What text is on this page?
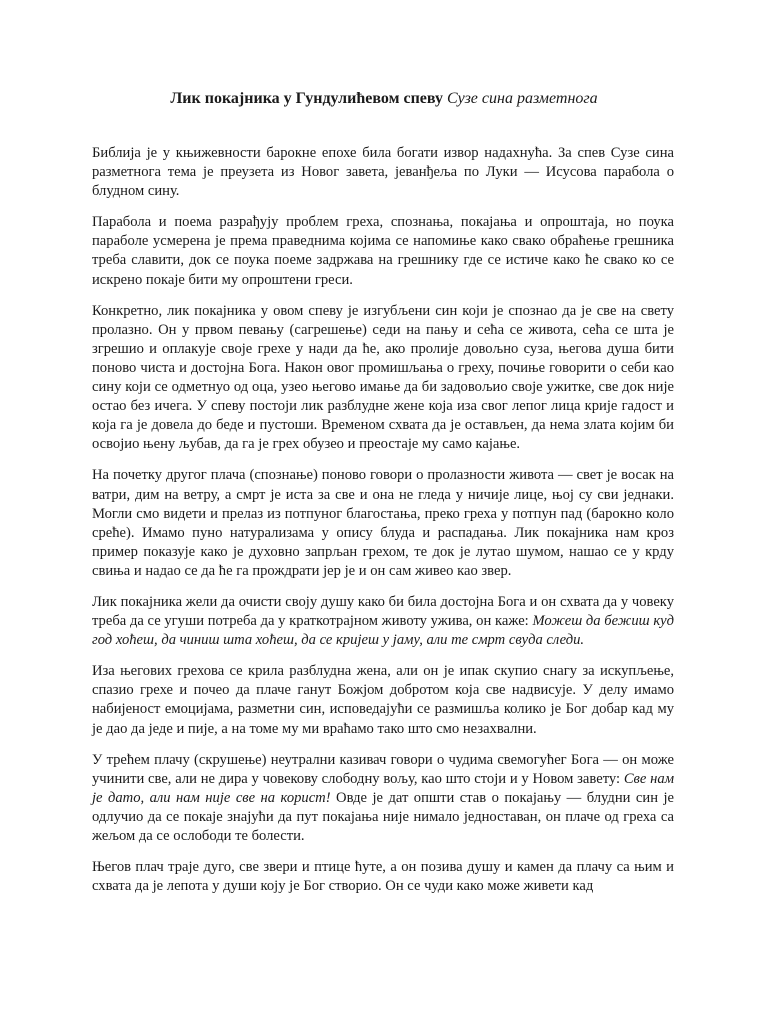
Лик покајника у Гундулићевом спеву Сузе сина разметнога

Библија је у књижевности барокне епохе била богати извор надахнућа. За спев Сузе сина разметнога тема је преузета из Новог завета, јеванђеља по Луки — Исусова парабола о блудном сину.

Парабола и поема разрађују проблем греха, спознања, покајања и опроштаја, но поука параболе усмерена је према праведнима којима се напомиње како свако обраћење грешника треба славити, док се поука поеме задржава на грешнику где се истиче како ће свако ко се искрено покаје бити му опроштени греси.

Конкретно, лик покајника у овом спеву је изгубљени син који је спознао да је све на свету пролазно. Он у првом певању (сагрешење) седи на пању и сећа се живота, сећа се шта је згрешио и оплакује своје грехе у нади да ће, ако пролије довољно суза, његова душа бити поново чиста и достојна Бога. Након овог промишљања о греху, почиње говорити о себи као сину који се одметнуо од оца, узео његово имање да би задовољио своје ужитке, све док није остао без ичега. У спеву постоји лик разблудне жене која иза свог лепог лица крије гадост и која га је довела до беде и пустоши. Временом схвата да је остављен, да нема злата којим би освојио њену љубав, да га је грех обузео и преостаје му само кајање.

На почетку другог плача (спознање) поново говори о пролазности живота — свет је восак на ватри, дим на ветру, а смрт је иста за све и она не гледа у ничије лице, њој су сви једнаки. Могли смо видети и прелаз из потпуног благостања, преко греха у потпун пад (барокно коло среће). Имамо пуно натурализама у опису блуда и распадања. Лик покајника нам кроз пример показује како је духовно запрљан грехом, те док је лутао шумом, нашао се у крду свиња и надао се да ће га прождрати јер је и он сам живео као звер.

Лик покајника жели да очисти своју душу како би била достојна Бога и он схвата да у човеку треба да се угуши потреба да у краткотрајном животу ужива, он каже: Можеш да бежиш куд год хоћеш, да чиниш шта хоћеш, да се кријеш у јаму, али те смрт свуда следи.

Иза његових грехова се крила разблудна жена, али он је ипак скупио снагу за искупљење, спазио грехе и почео да плаче ганут Божјом добротом која све надвисује. У делу имамо набијеност емоцијама, разметни син, исповедајући се размишља колико је Бог добар кад му је дао да једе и пије, а на томе му ми враћамо тако што смо незахвални.

У трећем плачу (скрушење) неутрални казивач говори о чудима свемогућег Бога — он може учинити све, али не дира у човекову слободну вољу, као што стоји и у Новом завету: Све нам је дато, али нам није све на корист! Овде је дат општи став о покајању — блудни син је одлучио да се покаје знајући да пут покајања није нимало једноставан, он плаче од греха са жељом да се ослободи те болести.

Његов плач траје дуго, све звери и птице ћуте, а он позива душу и камен да плачу са њим и схвата да је лепота у души коју је Бог створио. Он се чуди како може живети кад
